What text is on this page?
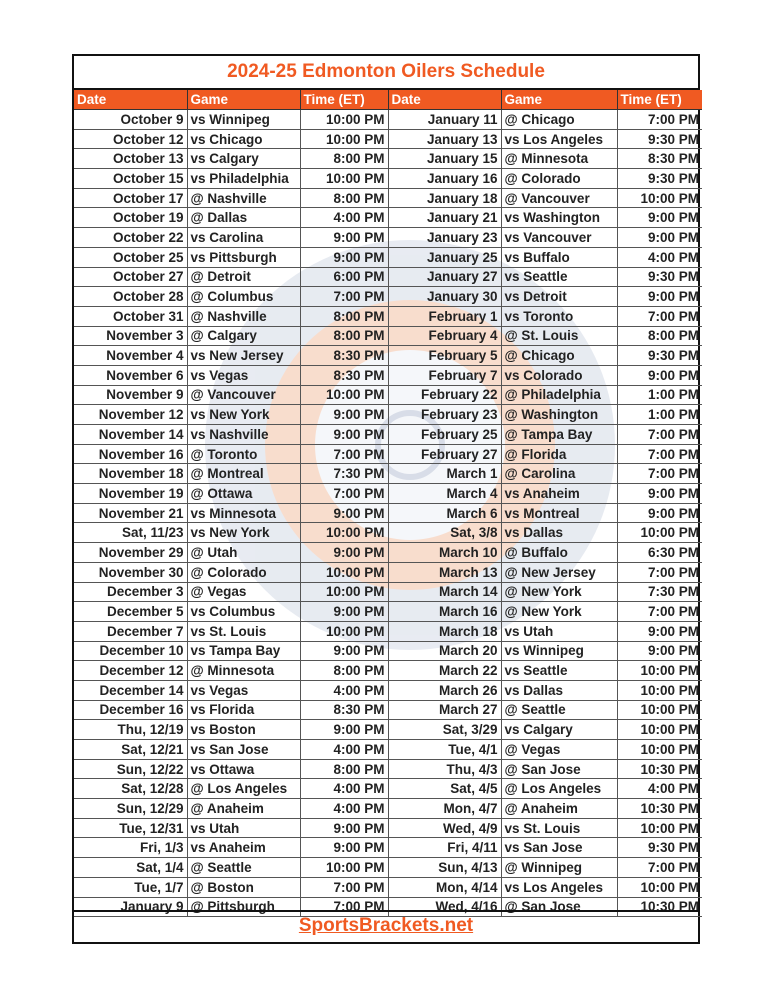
2024-25 Edmonton Oilers Schedule
Date	Game	Time (ET)	Date	Game	Time (ET)
October 9	vs Winnipeg	10:00 PM	January 11	@ Chicago	7:00 PM
October 12	vs Chicago	10:00 PM	January 13	vs Los Angeles	9:30 PM
October 13	vs Calgary	8:00 PM	January 15	@ Minnesota	8:30 PM
October 15	vs Philadelphia	10:00 PM	January 16	@ Colorado	9:30 PM
October 17	@ Nashville	8:00 PM	January 18	@ Vancouver	10:00 PM
October 19	@ Dallas	4:00 PM	January 21	vs Washington	9:00 PM
October 22	vs Carolina	9:00 PM	January 23	vs Vancouver	9:00 PM
October 25	vs Pittsburgh	9:00 PM	January 25	vs Buffalo	4:00 PM
October 27	@ Detroit	6:00 PM	January 27	vs Seattle	9:30 PM
October 28	@ Columbus	7:00 PM	January 30	vs Detroit	9:00 PM
October 31	@ Nashville	8:00 PM	February 1	vs Toronto	7:00 PM
November 3	@ Calgary	8:00 PM	February 4	@ St. Louis	8:00 PM
November 4	vs New Jersey	8:30 PM	February 5	@ Chicago	9:30 PM
November 6	vs Vegas	8:30 PM	February 7	vs Colorado	9:00 PM
November 9	@ Vancouver	10:00 PM	February 22	@ Philadelphia	1:00 PM
November 12	vs New York	9:00 PM	February 23	@ Washington	1:00 PM
November 14	vs Nashville	9:00 PM	February 25	@ Tampa Bay	7:00 PM
November 16	@ Toronto	7:00 PM	February 27	@ Florida	7:00 PM
November 18	@ Montreal	7:30 PM	March 1	@ Carolina	7:00 PM
November 19	@ Ottawa	7:00 PM	March 4	vs Anaheim	9:00 PM
November 21	vs Minnesota	9:00 PM	March 6	vs Montreal	9:00 PM
Sat, 11/23	vs New York	10:00 PM	Sat, 3/8	vs Dallas	10:00 PM
November 29	@ Utah	9:00 PM	March 10	@ Buffalo	6:30 PM
November 30	@ Colorado	10:00 PM	March 13	@ New Jersey	7:00 PM
December 3	@ Vegas	10:00 PM	March 14	@ New York	7:30 PM
December 5	vs Columbus	9:00 PM	March 16	@ New York	7:00 PM
December 7	vs St. Louis	10:00 PM	March 18	vs Utah	9:00 PM
December 10	vs Tampa Bay	9:00 PM	March 20	vs Winnipeg	9:00 PM
December 12	@ Minnesota	8:00 PM	March 22	vs Seattle	10:00 PM
December 14	vs Vegas	4:00 PM	March 26	vs Dallas	10:00 PM
December 16	vs Florida	8:30 PM	March 27	@ Seattle	10:00 PM
Thu, 12/19	vs Boston	9:00 PM	Sat, 3/29	vs Calgary	10:00 PM
Sat, 12/21	vs San Jose	4:00 PM	Tue, 4/1	@ Vegas	10:00 PM
Sun, 12/22	vs Ottawa	8:00 PM	Thu, 4/3	@ San Jose	10:30 PM
Sat, 12/28	@ Los Angeles	4:00 PM	Sat, 4/5	@ Los Angeles	4:00 PM
Sun, 12/29	@ Anaheim	4:00 PM	Mon, 4/7	@ Anaheim	10:30 PM
Tue, 12/31	vs Utah	9:00 PM	Wed, 4/9	vs St. Louis	10:00 PM
Fri, 1/3	vs Anaheim	9:00 PM	Fri, 4/11	vs San Jose	9:30 PM
Sat, 1/4	@ Seattle	10:00 PM	Sun, 4/13	@ Winnipeg	7:00 PM
Tue, 1/7	@ Boston	7:00 PM	Mon, 4/14	vs Los Angeles	10:00 PM
January 9	@ Pittsburgh	7:00 PM	Wed, 4/16	@ San Jose	10:30 PM
SportsBrackets.net
